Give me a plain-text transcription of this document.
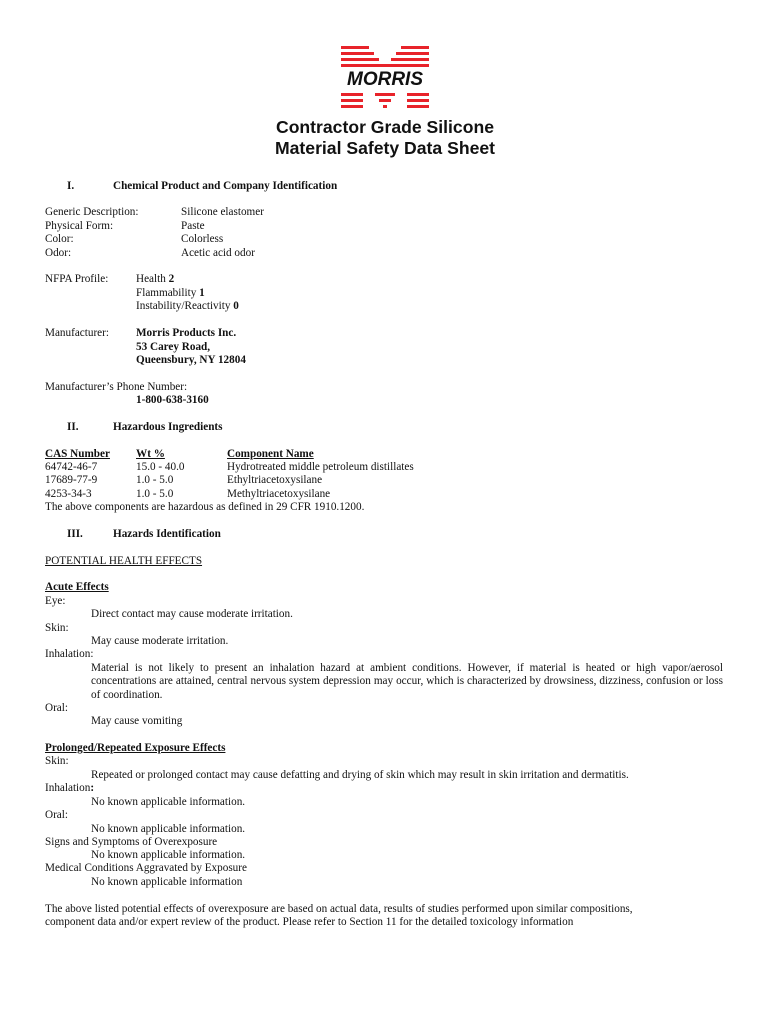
MORRIS
Contractor Grade Silicone
Material Safety Data Sheet
I.	Chemical Product and Company Identification
Generic Description:	Silicone elastomer
Physical Form:	Paste
Color:	Colorless
Odor:	Acetic acid odor
NFPA Profile: Health 2
Flammability 1
Instability/Reactivity 0
Manufacturer: Morris Products Inc.
53 Carey Road,
Queensbury, NY 12804
Manufacturer’s Phone Number:
1-800-638-3160
II.	Hazardous Ingredients
CAS Number Wt %	Component Name
64742-46-7	15.0 - 40.0	Hydrotreated middle petroleum distillates
17689-77-9	1.0 - 5.0	Ethyltriacetoxysilane
4253-34-3	1.0 - 5.0	Methyltriacetoxysilane
The above components are hazardous as defined in 29 CFR 1910.1200.
III.	Hazards Identification
POTENTIAL HEALTH EFFECTS
Acute Effects
Eye:
Direct contact may cause moderate irritation.
Skin:
May cause moderate irritation.
Inhalation:
Material is not likely to present an inhalation hazard at ambient conditions. However, if material is heated or high vapor/aerosol concentrations are attained, central nervous system depression may occur, which is characterized by drowsiness, dizziness, confusion or loss of coordination.
Oral:
May cause vomiting
Prolonged/Repeated Exposure Effects
Skin:
Repeated or prolonged contact may cause defatting and drying of skin which may result in skin irritation and dermatitis.
Inhalation:
No known applicable information.
Oral:
No known applicable information.
Signs and Symptoms of Overexposure
No known applicable information.
Medical Conditions Aggravated by Exposure
No known applicable information
The above listed potential effects of overexposure are based on actual data, results of studies performed upon similar compositions,
component data and/or expert review of the product. Please refer to Section 11 for the detailed toxicology information
